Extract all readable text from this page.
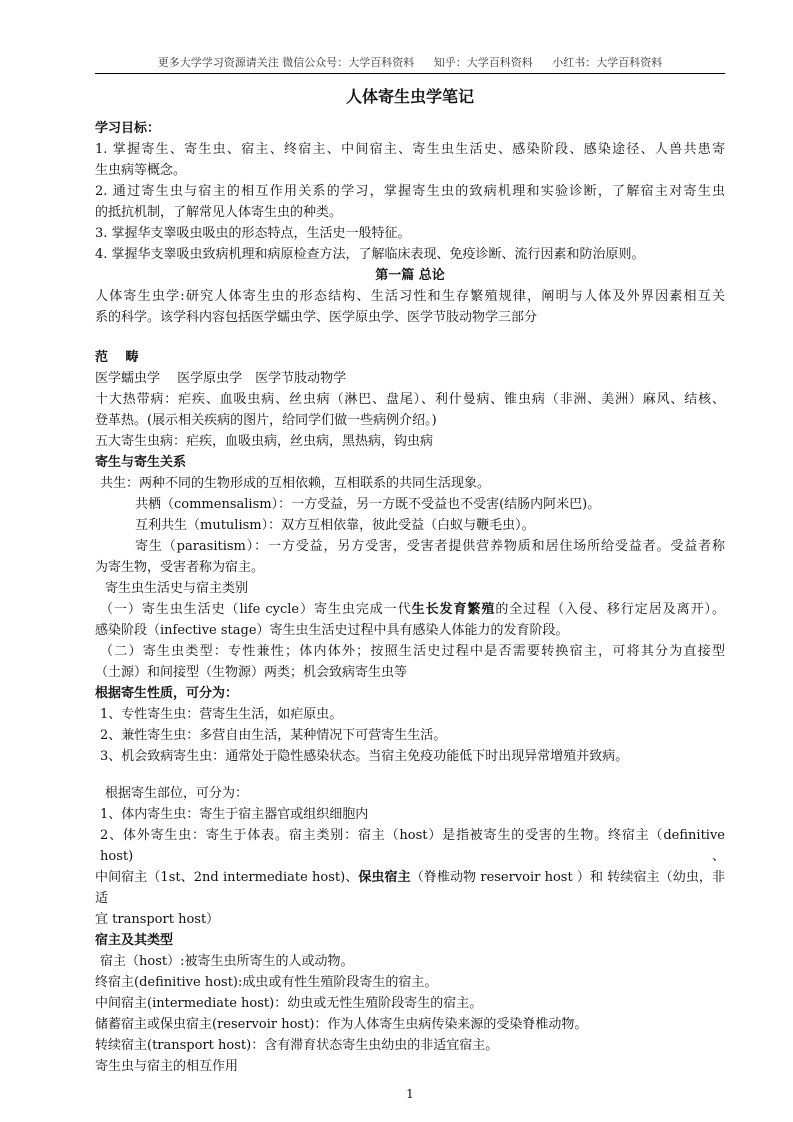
更多大学学习资源请关注 微信公众号：大学百科资料 知乎：大学百科资料 小红书：大学百科资料
人体寄生虫学笔记
学习目标：
1. 掌握寄生、寄生虫、宿主、终宿主、中间宿主、寄生虫生活史、感染阶段、感染途径、人兽共患寄
生虫病等概念。
2. 通过寄生虫与宿主的相互作用关系的学习，掌握寄生虫的致病机理和实验诊断，了解宿主对寄生虫
的抵抗机制，了解常见人体寄生虫的种类。
3. 掌握华支睾吸虫吸虫的形态特点，生活史一般特征。
4. 掌握华支睾吸虫致病机理和病原检查方法，了解临床表现、免疫诊断、流行因素和防治原则。
第一篇 总论
人体寄生虫学:研究人体寄生虫的形态结构、生活习性和生存繁殖规律，阐明与人体及外界因素相互关
系的科学。该学科内容包括医学蠕虫学、医学原虫学、医学节肢动物学三部分
范　 畴
医学蠕虫学　 医学原虫学　医学节肢动物学
十大热带病：疟疾、血吸虫病、丝虫病（淋巴、盘尾）、利什曼病、锥虫病（非洲、美洲）麻风、结核、
登革热。(展示相关疾病的图片，给同学们做一些病例介绍。)
五大寄生虫病：疟疾，血吸虫病，丝虫病，黑热病，钩虫病
寄生与寄生关系
共生：两种不同的生物形成的互相依赖，互相联系的共同生活现象。
共栖（commensalism）：一方受益，另一方既不受益也不受害(结肠内阿米巴)。
互利共生（mutulism）：双方互相依靠，彼此受益（白蚁与鞭毛虫）。
寄生（parasitism）：一方受益，另方受害，受害者提供营养物质和居住场所给受益者。受益者称
为寄生物，受害者称为宿主。
寄生虫生活史与宿主类别
（一）寄生虫生活史（life cycle）寄生虫完成一代生长发育繁殖的全过程（入侵、移行定居及离开）。
感染阶段（infective stage）寄生虫生活史过程中具有感染人体能力的发育阶段。
（二）寄生虫类型：专性兼性；体内体外；按照生活史过程中是否需要转换宿主，可将其分为直接型
（土源）和间接型（生物源）两类；机会致病寄生虫等
根据寄生性质，可分为：
1、专性寄生虫：营寄生生活，如疟原虫。
2、兼性寄生虫：多营自由生活，某种情况下可营寄生生活。
3、机会致病寄生虫：通常处于隐性感染状态。当宿主免疫功能低下时出现异常增殖并致病。
根据寄生部位，可分为：
1、体内寄生虫：寄生于宿主器官或组织细胞内
2、体外寄生虫：寄生于体表。宿主类别：宿主（host）是指被寄生的受害的生物。终宿主（definitive host)、
中间宿主（1st、2nd intermediate host)、保虫宿主（脊椎动物 reservoir host ）和 转续宿主（幼虫，非适
宜 transport host）
宿主及其类型
宿主（host）:被寄生虫所寄生的人或动物。
终宿主(definitive host):成虫或有性生殖阶段寄生的宿主。
中间宿主(intermediate host)：幼虫或无性生殖阶段寄生的宿主。
储蓄宿主或保虫宿主(reservoir host)：作为人体寄生虫病传染来源的受染脊椎动物。
转续宿主(transport host)：含有滞育状态寄生虫幼虫的非适宜宿主。
寄生虫与宿主的相互作用
1
